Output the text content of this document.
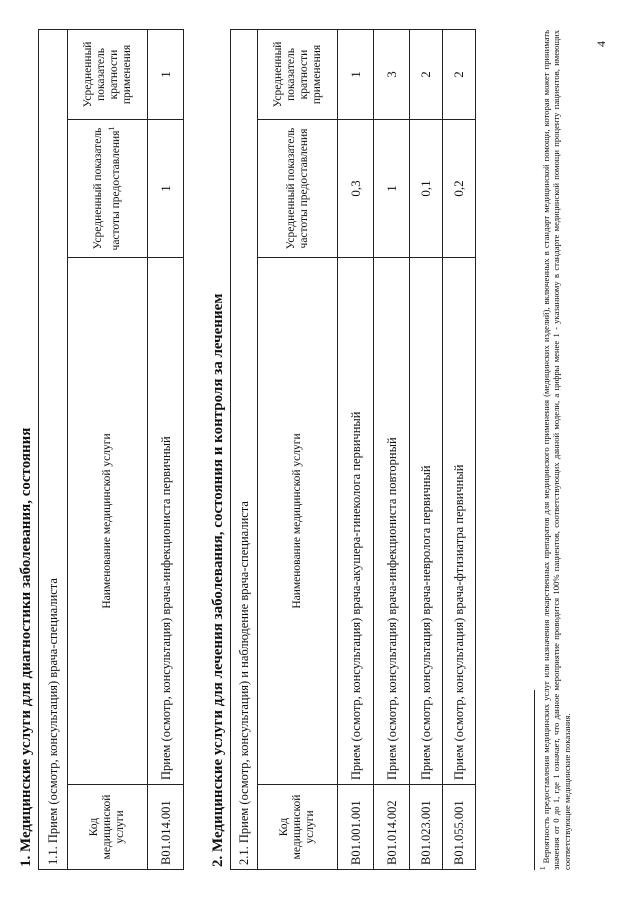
1. Медицинские услуги для диагностики заболевания, состояния 1.1. Прием (осмотр, консультация) врача-специалиста			
Код медицинской услуги	Наименование медицинской услуги	Усредненный показатель частоты предоставления$^1$	Усредненный показатель кратности применения
B01.014.001	Прием (осмотр, консультация) врача-инфекциониста первичный	1	1
2. Медицинские услуги для лечения заболевания, состояния и контроля за лечением 2.1. Прием (осмотр, консультация) и наблюдение врача-специалиста			
Код медицинской услуги	Наименование медицинской услуги	Усредненный показатель частоты предоставления	Усредненный показатель кратности применения
B01.001.001	Прием (осмотр, консультация) врача-акушера-гинеколога первичный	0,3	1
B01.014.002	Прием (осмотр, консультация) врача-инфекциониста повторный	1	3
B01.023.001	Прием (осмотр, консультация) врача-невролога первичный	0,1	2
B01.055.001	Прием (осмотр, консультация) врача-фтизиатра первичный	0,2	2
$^1$ Вероятность предоставления медицинских услуг или назначения лекарственных препаратов для медицинского применения (медицинских изделий), включенных в стандарт медицинской помощи, которая может принимать значения от 0 до 1, где 1 означает, что данное мероприятие проводится 100% пациентов, соответствующих данной модели, а цифры менее 1 - указанному в стандарте медицинской помощи проценту пациентов, имеющих соответствующие медицинские показания.
4
